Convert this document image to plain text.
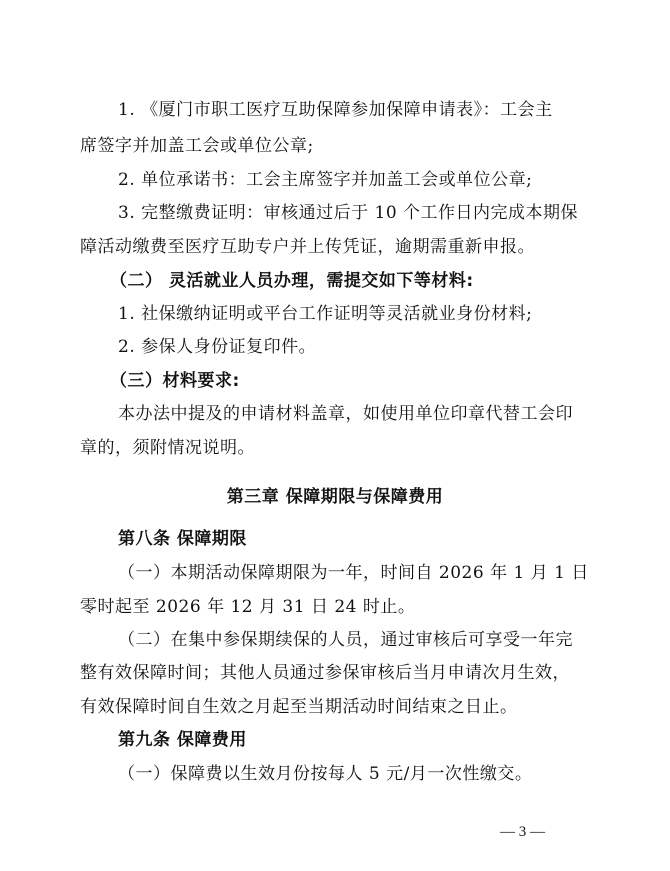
1. 《厦门市职工医疗互助保障参加保障申请表》：工会主
席签字并加盖工会或单位公章;
2. 单位承诺书：工会主席签字并加盖工会或单位公章;
3. 完整缴费证明：审核通过后于 10 个工作日内完成本期保
障活动缴费至医疗互助专户并上传凭证，逾期需重新申报。
（二） 灵活就业人员办理，需提交如下等材料:
1. 社保缴纳证明或平台工作证明等灵活就业身份材料;
2. 参保人身份证复印件。
（三）材料要求:
本办法中提及的申请材料盖章，如使用单位印章代替工会印
章的，须附情况说明。
第三章 保障期限与保障费用
第八条 保障期限
（一）本期活动保障期限为一年，时间自 2026 年 1 月 1 日
零时起至 2026 年 12 月 31 日 24 时止。
（二）在集中参保期续保的人员，通过审核后可享受一年完
整有效保障时间；其他人员通过参保审核后当月申请次月生效，
有效保障时间自生效之月起至当期活动时间结束之日止。
第九条 保障费用
（一）保障费以生效月份按每人 5 元/月一次性缴交。
— 3 —
